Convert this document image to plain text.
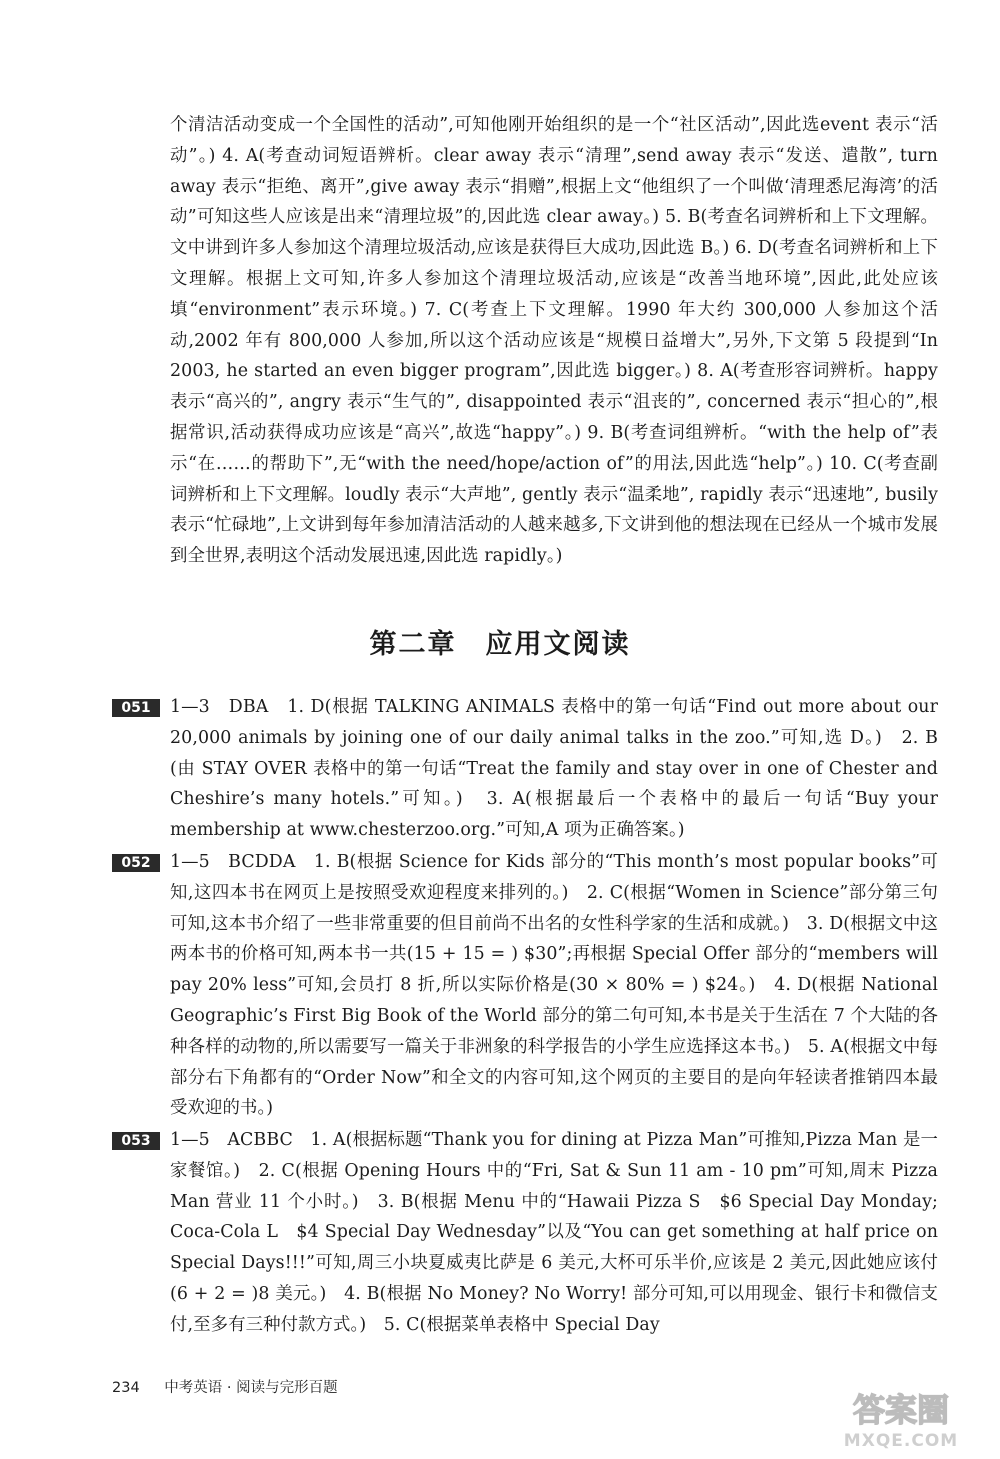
个清洁活动变成一个全国性的活动”,可知他刚开始组织的是一个“社区活动”,因此选event 表示“活动”。) 4. A(考查动词短语辨析。clear away 表示“清理”,send away 表示“发送、遣散”, turn away 表示“拒绝、离开”,give away 表示“捐赠”,根据上文“他组织了一个叫做‘清理悉尼海湾’的活动”可知这些人应该是出来“清理垃圾”的,因此选 clear away。) 5. B(考查名词辨析和上下文理解。文中讲到许多人参加这个清理垃圾活动,应该是获得巨大成功,因此选 B。) 6. D(考查名词辨析和上下文理解。根据上文可知,许多人参加这个清理垃圾活动,应该是“改善当地环境”,因此,此处应该填“environment”表示环境。) 7. C(考查上下文理解。1990 年大约 300,000 人参加这个活动,2002 年有 800,000 人参加,所以这个活动应该是“规模日益增大”,另外,下文第 5 段提到“In 2003, he started an even bigger program”,因此选 bigger。) 8. A(考查形容词辨析。happy 表示“高兴的”, angry 表示“生气的”, disappointed 表示“沮丧的”, concerned 表示“担心的”,根据常识,活动获得成功应该是“高兴”,故选“happy”。) 9. B(考查词组辨析。“with the help of”表示“在……的帮助下”,无“with the need/hope/action of”的用法,因此选“help”。) 10. C(考查副词辨析和上下文理解。loudly 表示“大声地”, gently 表示“温柔地”, rapidly 表示“迅速地”, busily 表示“忙碌地”,上文讲到每年参加清洁活动的人越来越多,下文讲到他的想法现在已经从一个城市发展到全世界,表明这个活动发展迅速,因此选 rapidly。)

第二章　应用文阅读
051	1—3　DBA　1. D(根据 TALKING ANIMALS 表格中的第一句话“Find out more about our 20,000 animals by joining one of our daily animal talks in the zoo.”可知,选 D。)　2. B (由 STAY OVER 表格中的第一句话“Treat the family and stay over in one of Chester and Cheshire’s many hotels.”可知。)　3. A(根据最后一个表格中的最后一句话“Buy your membership at www.chesterzoo.org.”可知,A 项为正确答案。)
052	1—5　BCDDA　1. B(根据 Science for Kids 部分的“This month’s most popular books”可知,这四本书在网页上是按照受欢迎程度来排列的。)　2. C(根据“Women in Science”部分第三句可知,这本书介绍了一些非常重要的但目前尚不出名的女性科学家的生活和成就。)　3. D(根据文中这两本书的价格可知,两本书一共(15 + 15 = ) $30”;再根据 Special Offer 部分的“members will pay 20% less”可知,会员打 8 折,所以实际价格是(30 × 80% = ) $24。)　4. D(根据 National Geographic’s First Big Book of the World 部分的第二句可知,本书是关于生活在 7 个大陆的各种各样的动物的,所以需要写一篇关于非洲象的科学报告的小学生应选择这本书。)　5. A(根据文中每部分右下角都有的“Order Now”和全文的内容可知,这个网页的主要目的是向年轻读者推销四本最受欢迎的书。)
053	1—5　ACBBC　1. A(根据标题“Thank you for dining at Pizza Man”可推知,Pizza Man 是一家餐馆。)　2. C(根据 Opening Hours 中的“Fri, Sat & Sun 11 am - 10 pm”可知,周末 Pizza Man 营业 11 个小时。)　3. B(根据 Menu 中的“Hawaii Pizza S　$6 Special Day Monday; Coca-Cola L　$4 Special Day Wednesday”以及“You can get something at half price on Special Days!!!”可知,周三小块夏威夷比萨是 6 美元,大杯可乐半价,应该是 2 美元,因此她应该付(6 + 2 = )8 美元。)　4. B(根据 No Money? No Worry! 部分可知,可以用现金、银行卡和微信支付,至多有三种付款方式。)　5. C(根据菜单表格中 Special Day
234 中考英语 · 阅读与完形百题
答案圈
MXQE.COM
